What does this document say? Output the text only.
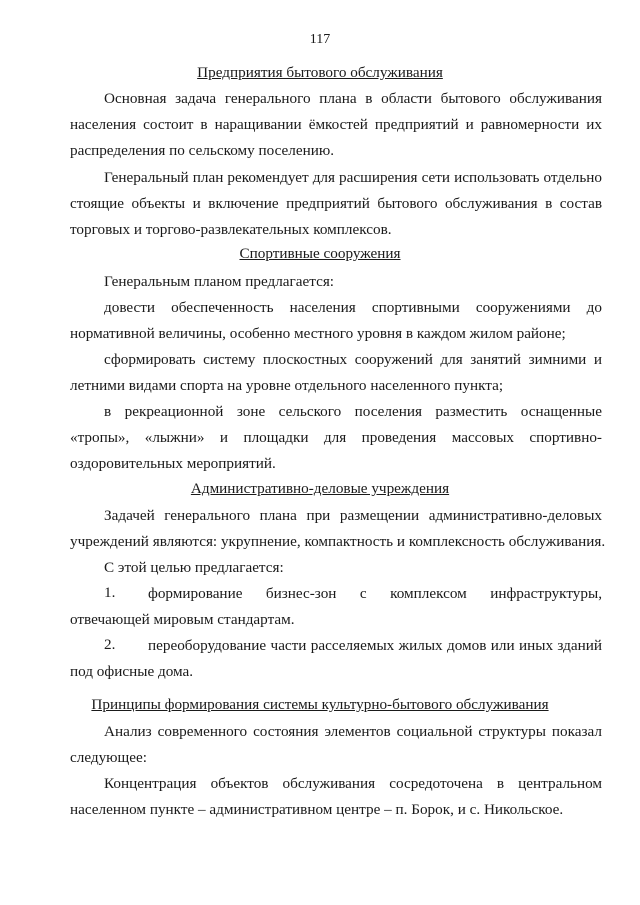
117
Предприятия бытового обслуживания
Основная задача генерального плана в области бытового обслуживания
населения состоит в наращивании ёмкостей предприятий и равномерности их
распределения по сельскому поселению.
Генеральный план рекомендует для расширения сети использовать отдельно
стоящие объекты и включение предприятий бытового обслуживания в состав
торговых и торгово-развлекательных комплексов.
Спортивные сооружения
Генеральным планом предлагается:
довести обеспеченность населения спортивными сооружениями до
нормативной величины, особенно местного уровня в каждом жилом районе;
сформировать систему плоскостных сооружений для занятий зимними и
летними видами спорта на уровне отдельного населенного пункта;
в рекреационной зоне сельского поселения разместить оснащенные
«тропы», «лыжни» и площадки для проведения массовых спортивно-
оздоровительных мероприятий.
Административно-деловые учреждения
Задачей генерального плана при размещении административно-деловых
учреждений являются: укрупнение, компактность и комплексность обслуживания.
С этой целью предлагается:
1. формирование бизнес-зон с комплексом инфраструктуры,
отвечающей мировым стандартам.
2. переоборудование части расселяемых жилых домов или иных зданий
под офисные дома.
Принципы формирования системы культурно-бытового обслуживания
Анализ современного состояния элементов социальной структуры показал
следующее:
Концентрация объектов обслуживания сосредоточена в центральном
населенном пункте – административном центре – п. Борок, и с. Никольское.
